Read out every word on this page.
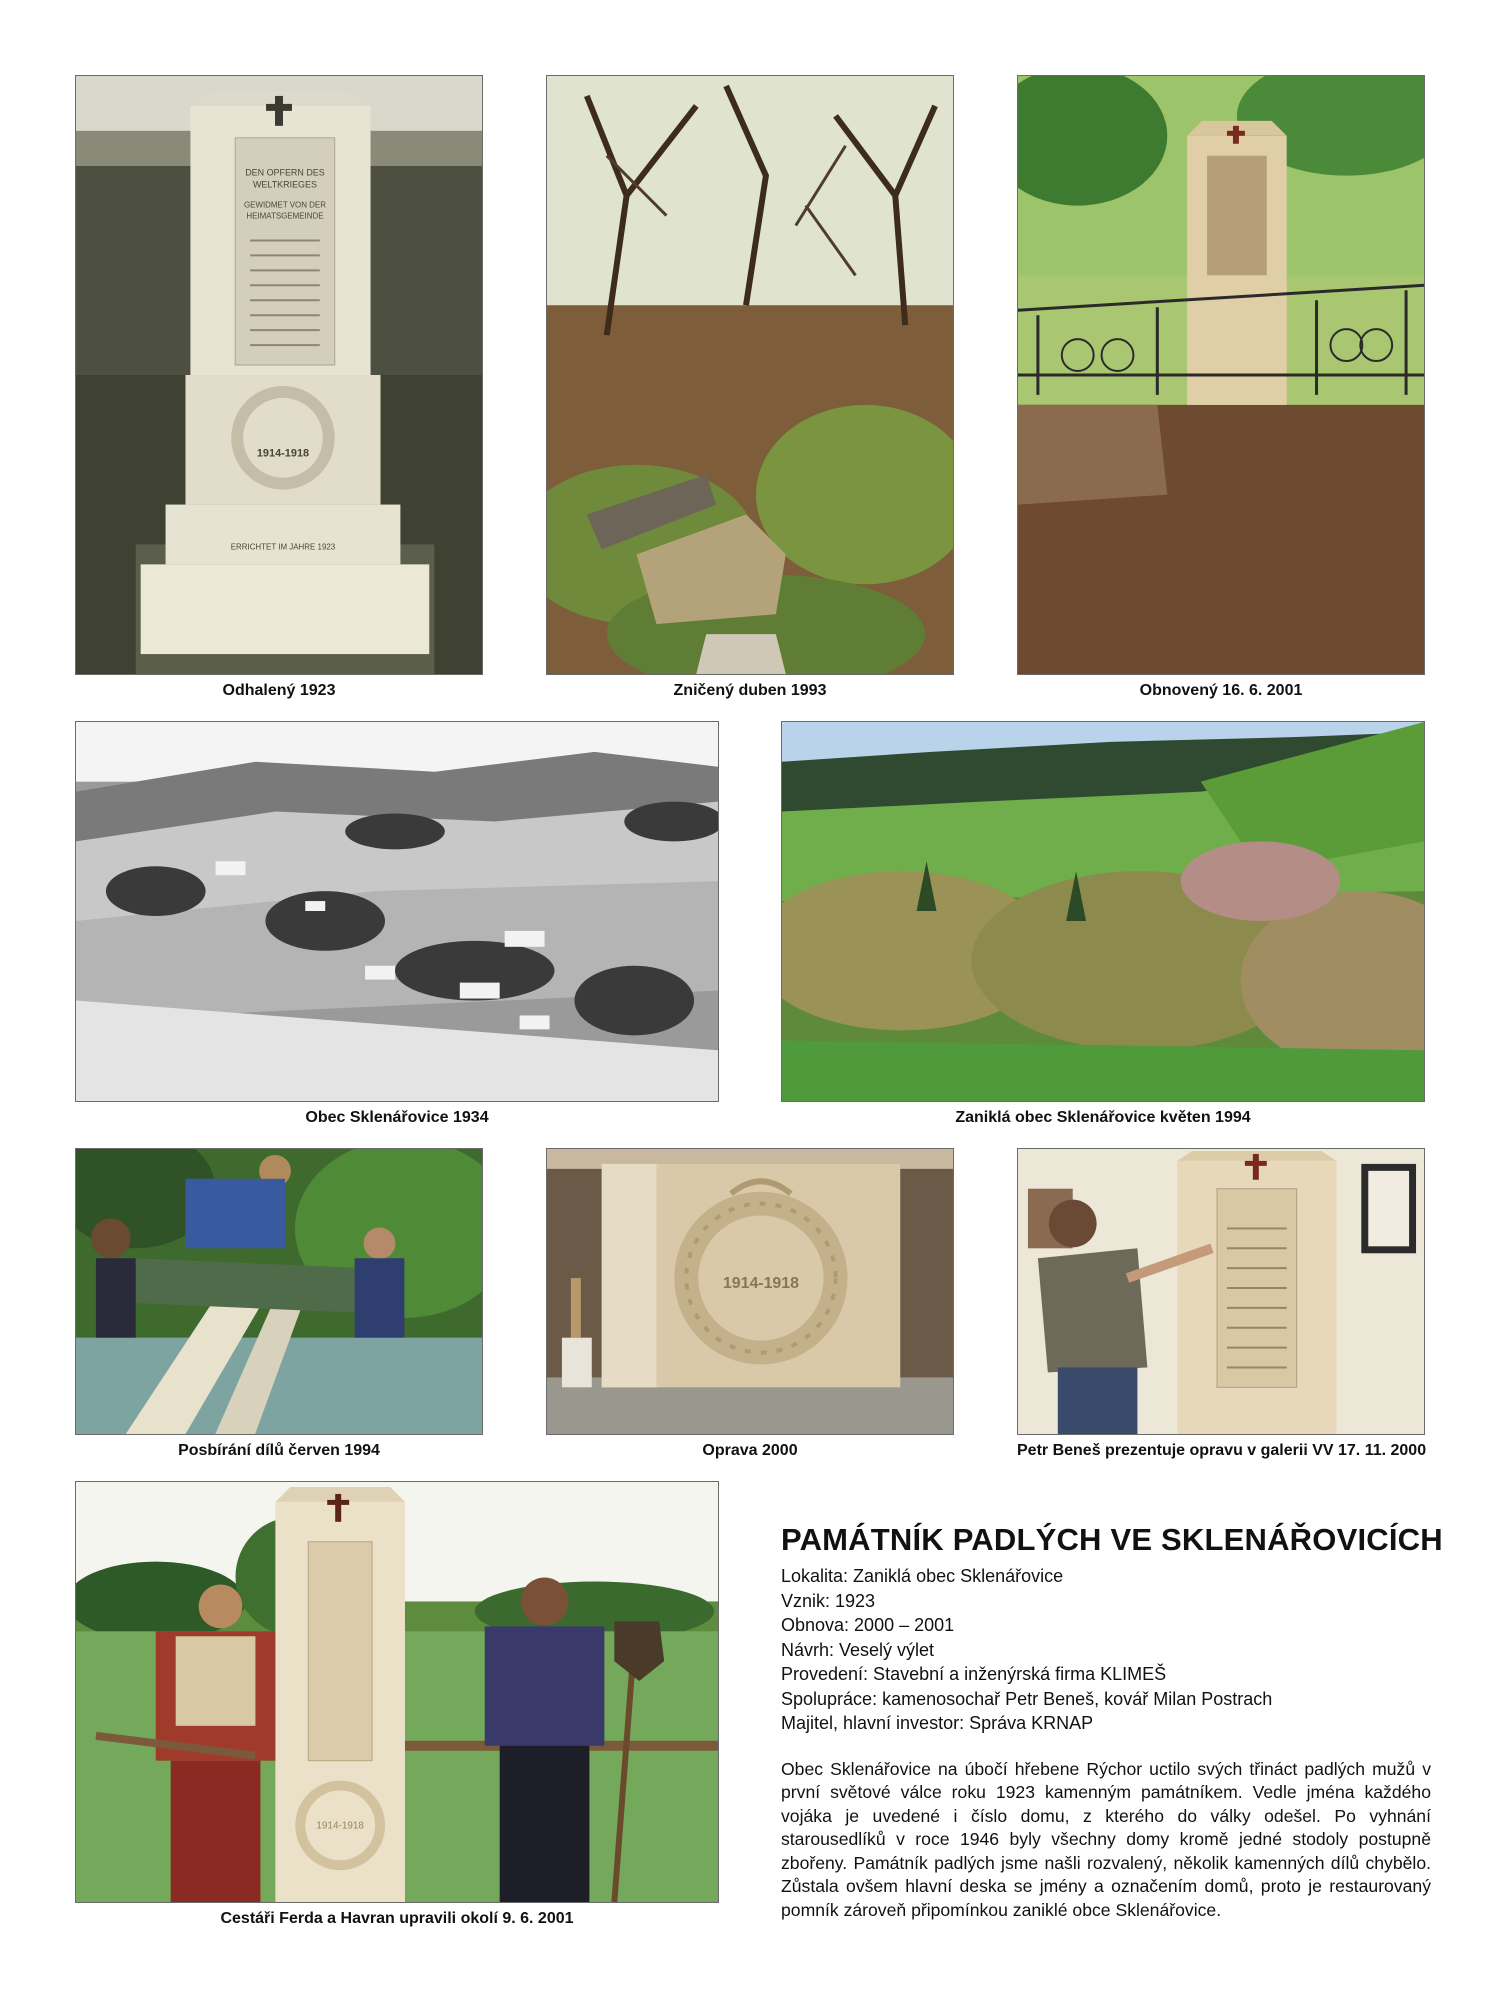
DEN OPFERN DES
WELTKRIEGES
GEWIDMET VON DER
HEIMATSGEMEINDE
1914-1918
ERRICHTET IM JAHRE 1923
Odhalený 1923	Zničený duben 1993	Obnovený 16. 6. 2001
Obec Sklenářovice 1934	Zaniklá obec Sklenářovice květen 1994
Posbírání dílů červen 1994
1914-1918
Oprava 2000	Petr Beneš prezentuje opravu v galerii VV 17. 11. 2000
1914-1918
Cestáři Ferda a Havran upravili okolí 9. 6. 2001
PAMÁTNÍK PADLÝCH VE SKLENÁŘOVICÍCH
Lokalita: Zaniklá obec Sklenářovice
Vznik: 1923
Obnova: 2000 – 2001
Návrh: Veselý výlet
Provedení: Stavební a inženýrská firma KLIMEŠ
Spolupráce: kamenosochař Petr Beneš, kovář Milan Postrach
Majitel, hlavní investor: Správa KRNAP
Obec Sklenářovice na úbočí hřebene Rýchor uctilo svých třináct padlých mužů v první světové válce roku 1923 kamenným památníkem. Vedle jména každého vojáka je uvedené i číslo domu, z kterého do války odešel. Po vyhnání starousedlíků v roce 1946 byly všechny domy kromě jedné stodoly postupně zbořeny. Památník padlých jsme našli rozvalený, několik kamenných dílů chybělo. Zůstala ovšem hlavní deska se jmény a označením domů, proto je restaurovaný pomník zároveň připomínkou zaniklé obce Sklenářovice.
